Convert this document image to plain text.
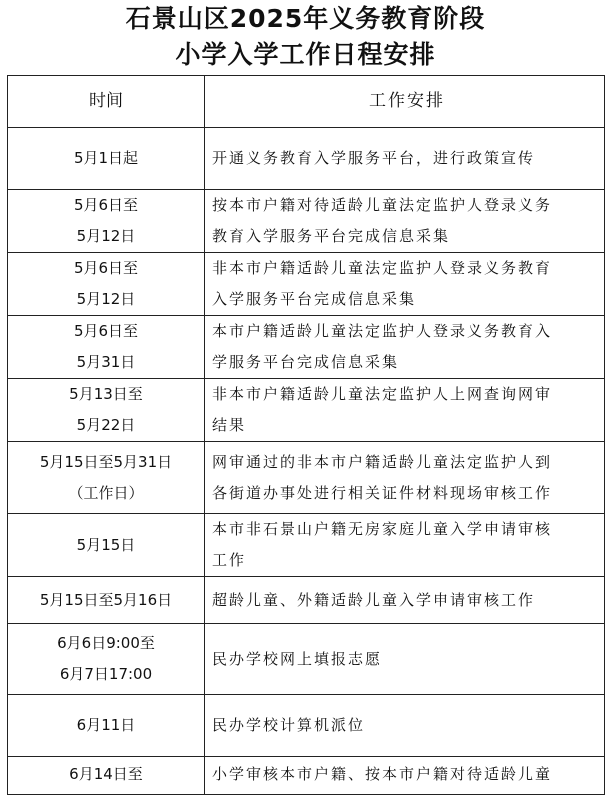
石景山区2025年义务教育阶段
小学入学工作日程安排
时间	工作安排

5月1日起	开通义务教育入学服务平台，进行政策宣传

5月6日至
5月12日	按本市户籍对待适龄儿童法定监护人登录义务
教育入学服务平台完成信息采集

5月6日至
5月12日	非本市户籍适龄儿童法定监护人登录义务教育
入学服务平台完成信息采集

5月6日至
5月31日	本市户籍适龄儿童法定监护人登录义务教育入
学服务平台完成信息采集

5月13日至
5月22日	非本市户籍适龄儿童法定监护人上网查询网审
结果

5月15日至5月31日
（工作日）	网审通过的非本市户籍适龄儿童法定监护人到
各街道办事处进行相关证件材料现场审核工作

5月15日	本市非石景山户籍无房家庭儿童入学申请审核
工作

5月15日至5月16日	超龄儿童、外籍适龄儿童入学申请审核工作

6月6日9:00至
6月7日17:00	民办学校网上填报志愿

6月11日	民办学校计算机派位

6月14日至	小学审核本市户籍、按本市户籍对待适龄儿童
